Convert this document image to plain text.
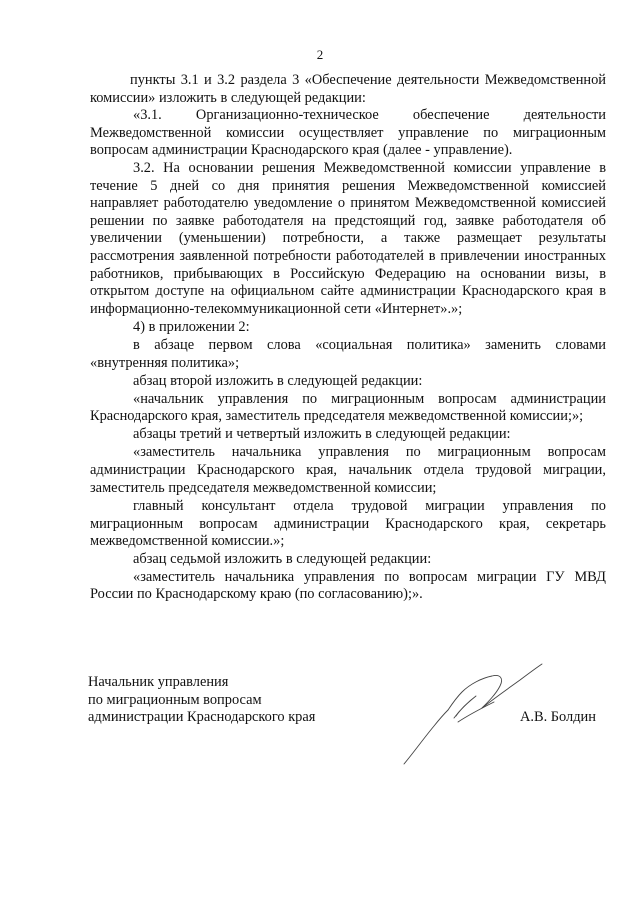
2

пункты 3.1 и 3.2 раздела 3 «Обеспечение деятельности Межведомственной комиссии» изложить в следующей редакции:

«3.1. Организационно-техническое обеспечение деятельности Межведомственной комиссии осуществляет управление по миграционным вопросам администрации Краснодарского края (далее - управление).

3.2. На основании решения Межведомственной комиссии управление в течение 5 дней со дня принятия решения Межведомственной комиссией направляет работодателю уведомление о принятом Межведомственной комиссией решении по заявке работодателя на предстоящий год, заявке работодателя об увеличении (уменьшении) потребности, а также размещает результаты рассмотрения заявленной потребности работодателей в привлечении иностранных работников, прибывающих в Российскую Федерацию на основании визы, в открытом доступе на официальном сайте администрации Краснодарского края в информационно-телекоммуникационной сети «Интернет».»;

4) в приложении 2:

в абзаце первом слова «социальная политика» заменить словами «внутренняя политика»;

абзац второй изложить в следующей редакции:

«начальник управления по миграционным вопросам администрации Краснодарского края, заместитель председателя межведомственной комиссии;»;

абзацы третий и четвертый изложить в следующей редакции:

«заместитель начальника управления по миграционным вопросам администрации Краснодарского края, начальник отдела трудовой миграции, заместитель председателя межведомственной комиссии;

главный консультант отдела трудовой миграции управления по миграционным вопросам администрации Краснодарского края, секретарь межведомственной комиссии.»;

абзац седьмой изложить в следующей редакции:

«заместитель начальника управления по вопросам миграции ГУ МВД России по Краснодарскому краю (по согласованию);».

Начальник управления
по миграционным вопросам
администрации Краснодарского края	А.В. Болдин
